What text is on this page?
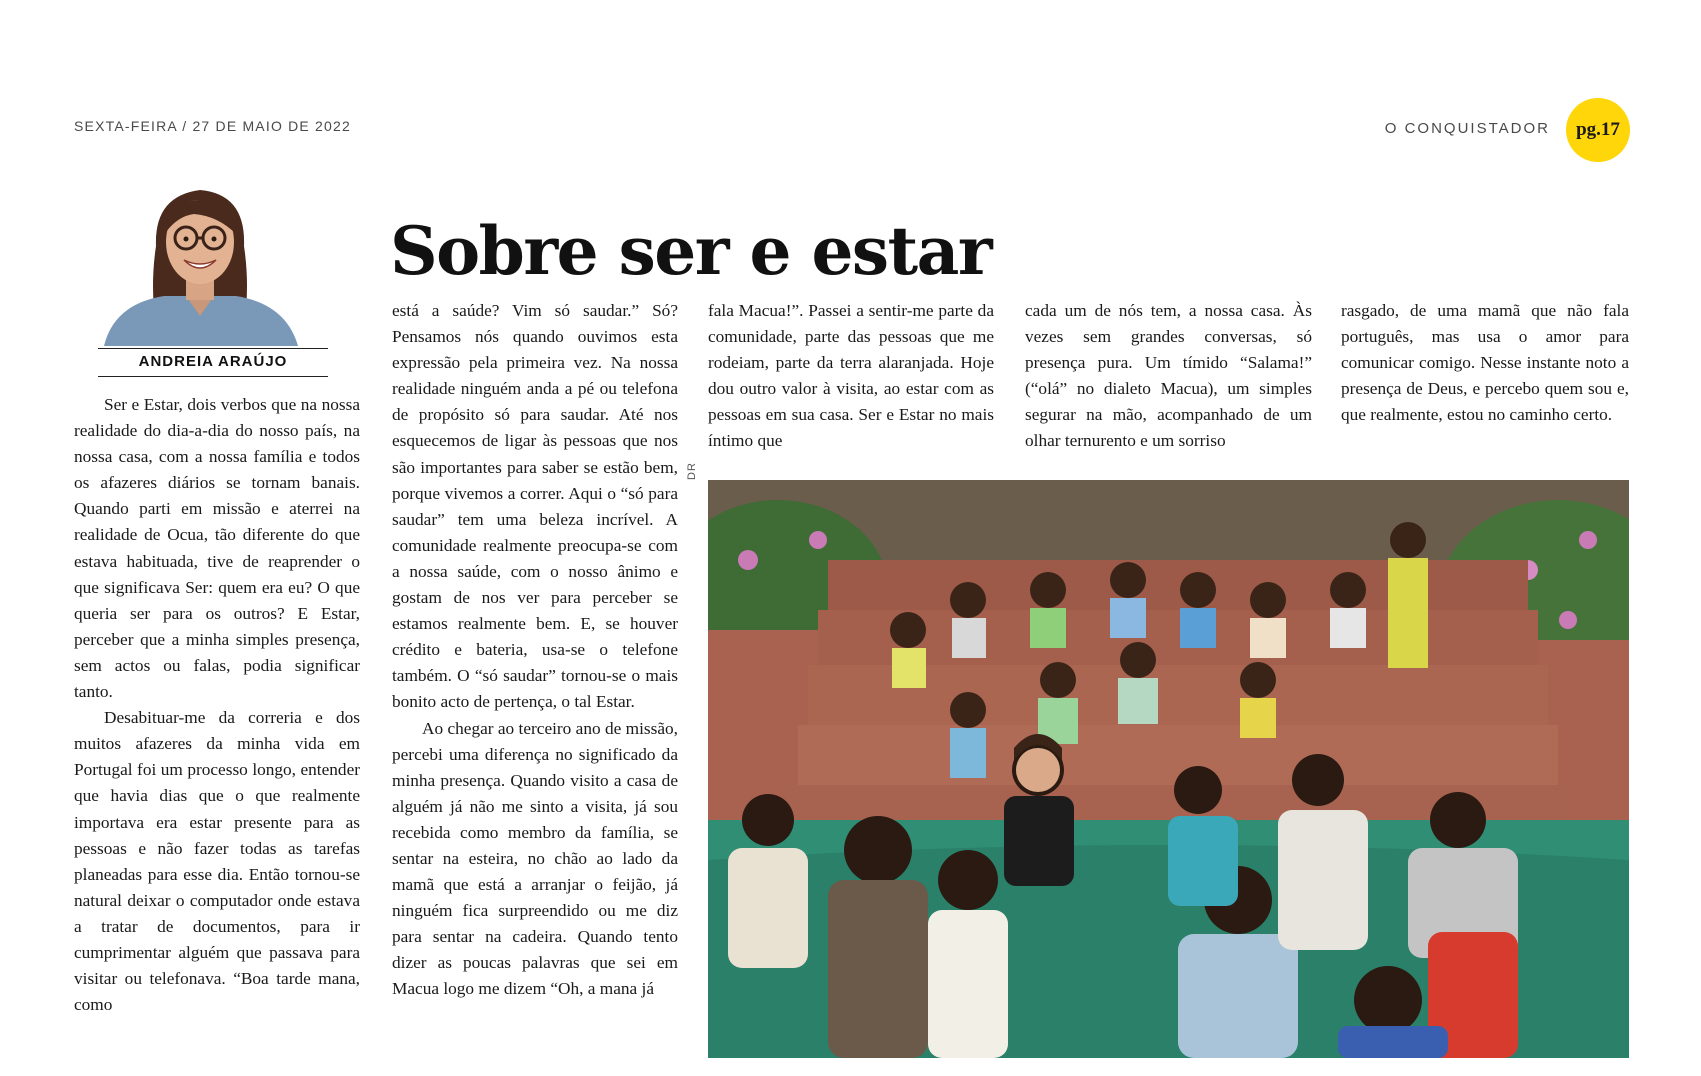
SEXTA-FEIRA / 27 DE MAIO DE 2022	O CONQUISTADOR	pg.17
ANDREIA ARAÚJO
Sobre ser e estar

Ser e Estar, dois verbos que na nossa realidade do dia-a-dia do nosso país, na nossa casa, com a nossa família e todos os afazeres diários se tornam banais. Quando parti em missão e aterrei na realidade de Ocua, tão diferente do que estava habituada, tive de reaprender o que significava Ser: quem era eu? O que queria ser para os outros? E Estar, perceber que a minha simples presença, sem actos ou falas, podia significar tanto.

Desabituar-me da correria e dos muitos afazeres da minha vida em Portugal foi um processo longo, entender que havia dias que o que realmente importava era estar presente para as pessoas e não fazer todas as tarefas planeadas para esse dia. Então tornou-se natural deixar o computador onde estava a tratar de documentos, para ir cumprimentar alguém que passava para visitar ou telefonava. “Boa tarde mana, como

está a saúde? Vim só saudar.” Só? Pensamos nós quando ouvimos esta expressão pela primeira vez. Na nossa realidade ninguém anda a pé ou telefona de propósito só para saudar. Até nos esquecemos de ligar às pessoas que nos são importantes para saber se estão bem, porque vivemos a correr. Aqui o “só para saudar” tem uma beleza incrível. A comunidade realmente preocupa-se com a nossa saúde, com o nosso ânimo e gostam de nos ver para perceber se estamos realmente bem. E, se houver crédito e bateria, usa-se o telefone também. O “só saudar” tornou-se o mais bonito acto de pertença, o tal Estar.

Ao chegar ao terceiro ano de missão, percebi uma diferença no significado da minha presença. Quando visito a casa de alguém já não me sinto a visita, já sou recebida como membro da família, se sentar na esteira, no chão ao lado da mamã que está a arranjar o feijão, já ninguém fica surpreendido ou me diz para sentar na cadeira. Quando tento dizer as poucas palavras que sei em Macua logo me dizem “Oh, a mana já

fala Macua!”. Passei a sentir-me parte da comunidade, parte das pessoas que me rodeiam, parte da terra alaranjada. Hoje dou outro valor à visita, ao estar com as pessoas em sua casa. Ser e Estar no mais íntimo que

cada um de nós tem, a nossa casa. Às vezes sem grandes conversas, só presença pura. Um tímido “Salama!” (“olá” no dialeto Macua), um simples segurar na mão, acompanhado de um olhar ternurento e um sorriso

rasgado, de uma mamã que não fala português, mas usa o amor para comunicar comigo. Nesse instante noto a presença de Deus, e percebo quem sou e, que realmente, estou no caminho certo.

DR
